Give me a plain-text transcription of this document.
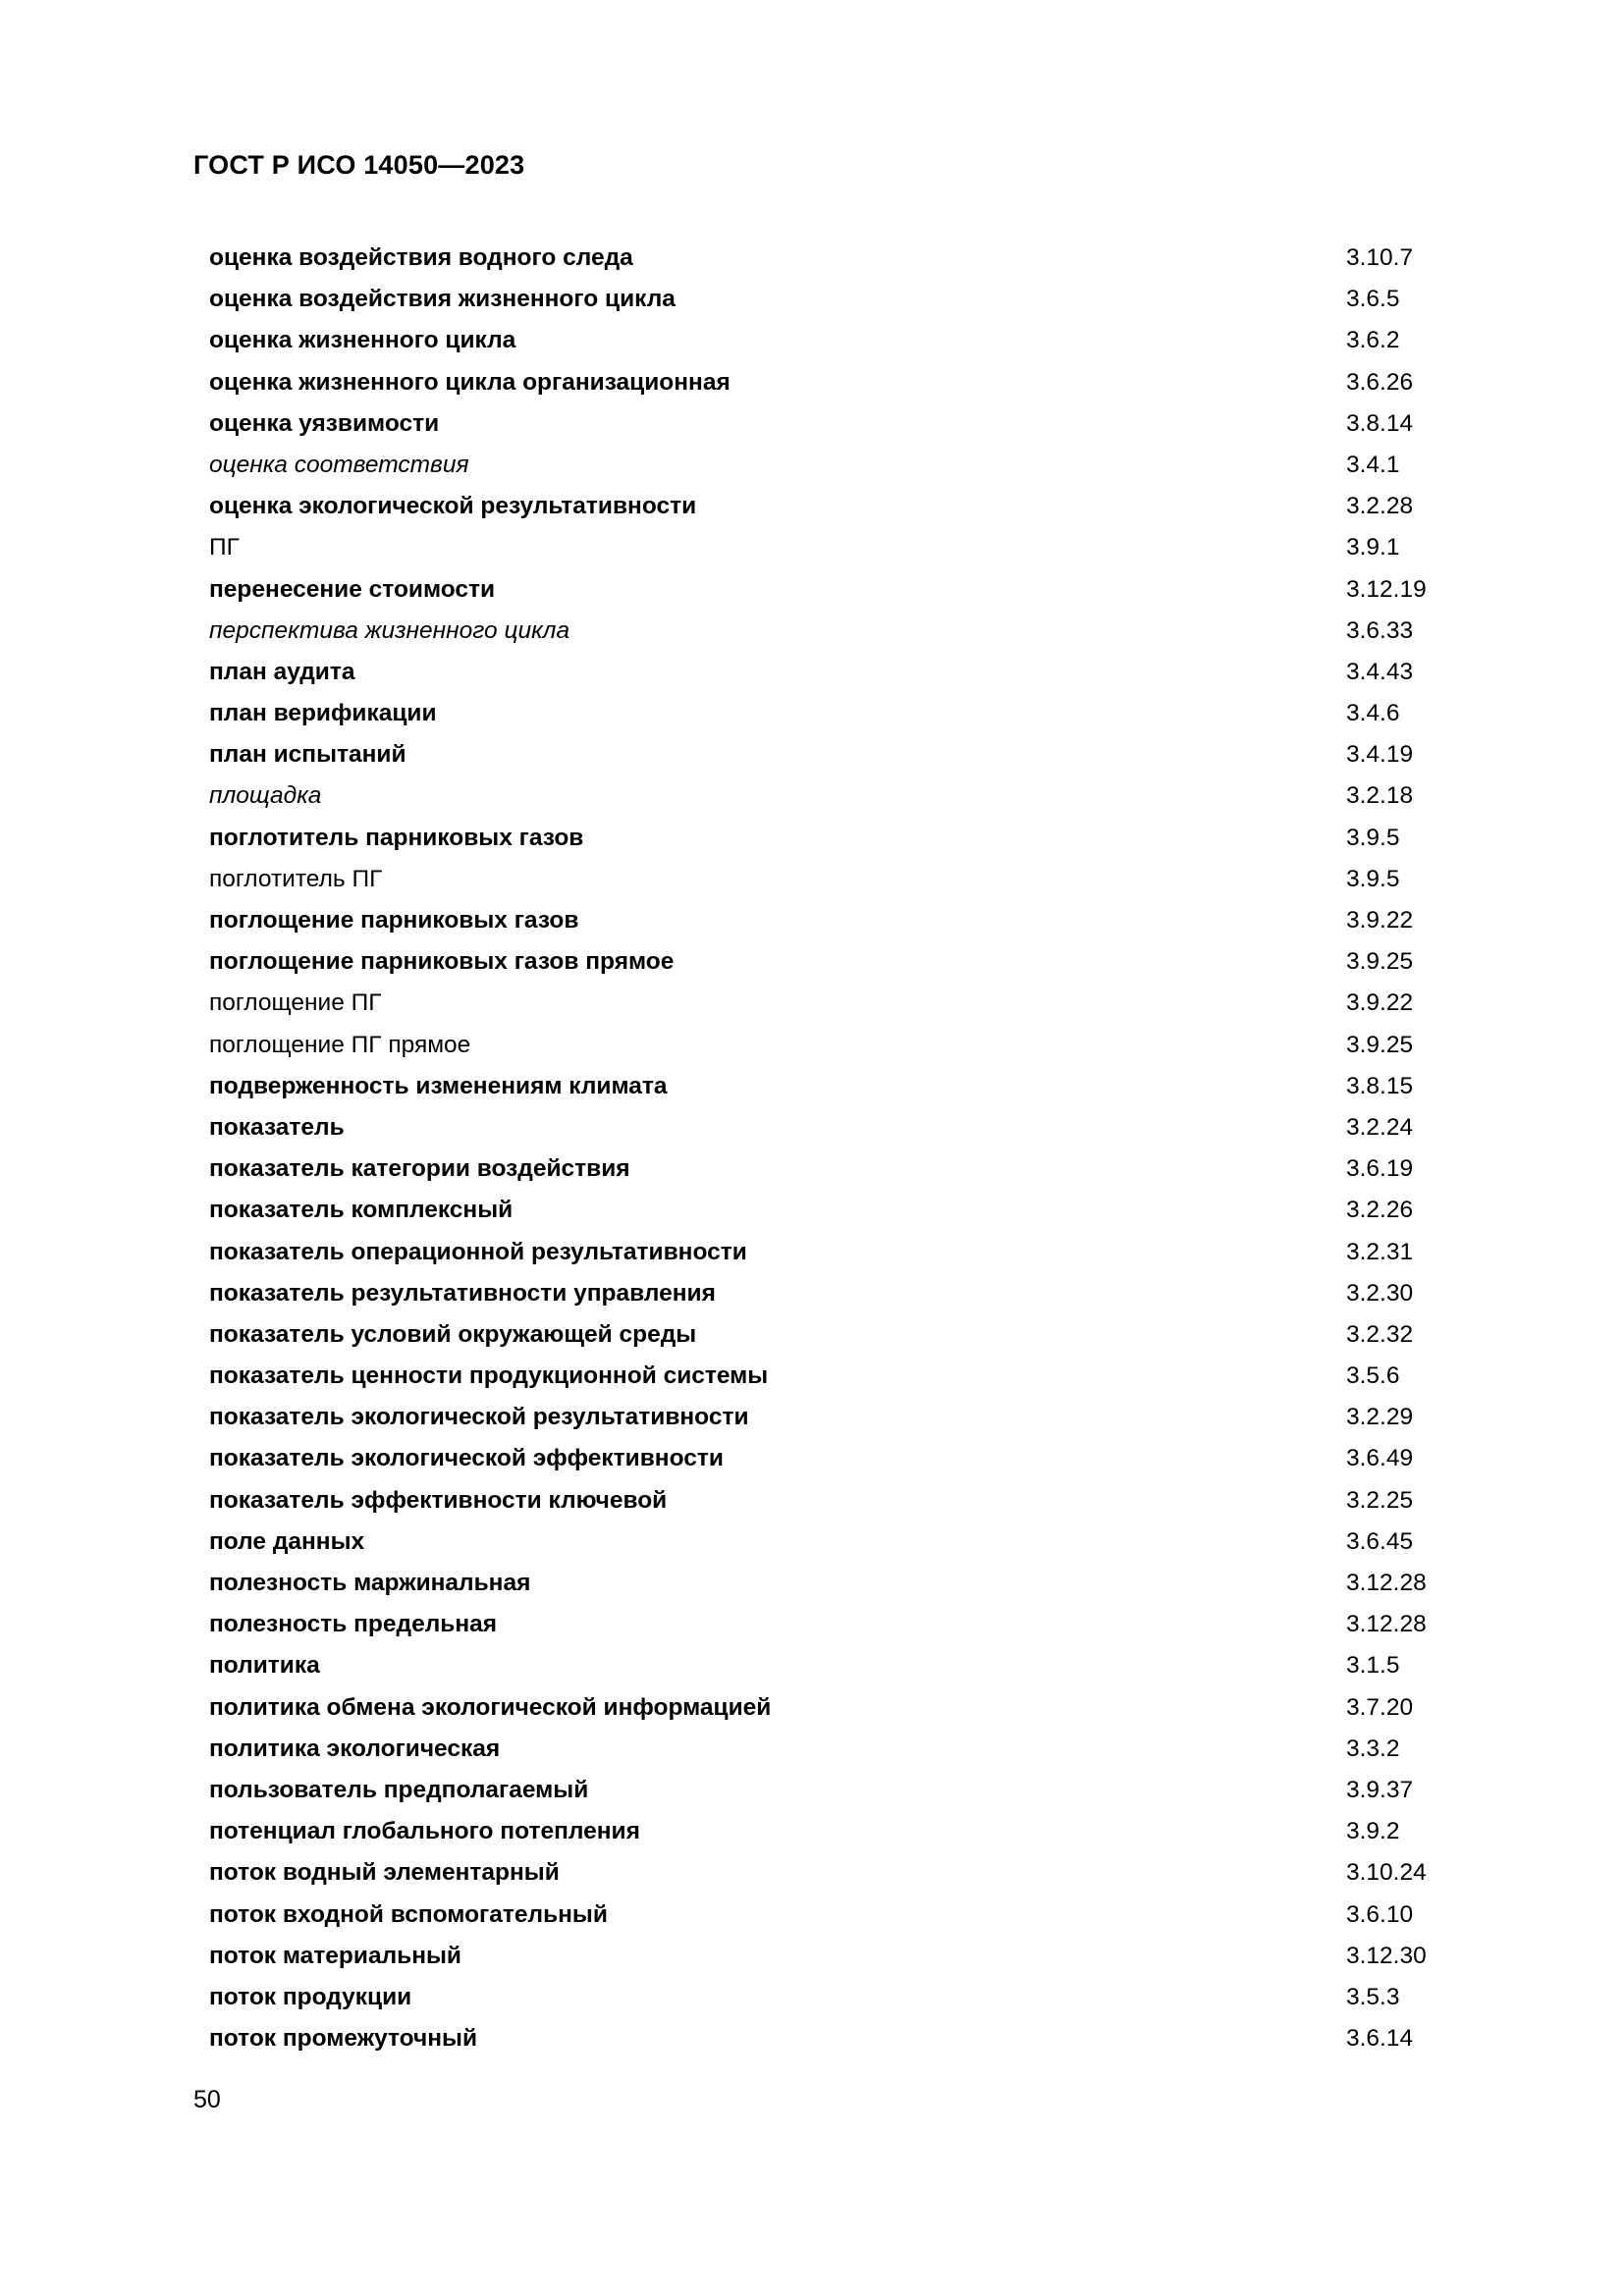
ГОСТ Р ИСО 14050—2023
оценка воздействия водного следа	3.10.7
оценка воздействия жизненного цикла	3.6.5
оценка жизненного цикла	3.6.2
оценка жизненного цикла организационная	3.6.26
оценка уязвимости	3.8.14
оценка соответствия	3.4.1
оценка экологической результативности	3.2.28
ПГ	3.9.1
перенесение стоимости	3.12.19
перспектива жизненного цикла	3.6.33
план аудита	3.4.43
план верификации	3.4.6
план испытаний	3.4.19
площадка	3.2.18
поглотитель парниковых газов	3.9.5
поглотитель ПГ	3.9.5
поглощение парниковых газов	3.9.22
поглощение парниковых газов прямое	3.9.25
поглощение ПГ	3.9.22
поглощение ПГ прямое	3.9.25
подверженность изменениям климата	3.8.15
показатель	3.2.24
показатель категории воздействия	3.6.19
показатель комплексный	3.2.26
показатель операционной результативности	3.2.31
показатель результативности управления	3.2.30
показатель условий окружающей среды	3.2.32
показатель ценности продукционной системы	3.5.6
показатель экологической результативности	3.2.29
показатель экологической эффективности	3.6.49
показатель эффективности ключевой	3.2.25
поле данных	3.6.45
полезность маржинальная	3.12.28
полезность предельная	3.12.28
политика	3.1.5
политика обмена экологической информацией	3.7.20
политика экологическая	3.3.2
пользователь предполагаемый	3.9.37
потенциал глобального потепления	3.9.2
поток водный элементарный	3.10.24
поток входной вспомогательный	3.6.10
поток материальный	3.12.30
поток продукции	3.5.3
поток промежуточный	3.6.14
50
